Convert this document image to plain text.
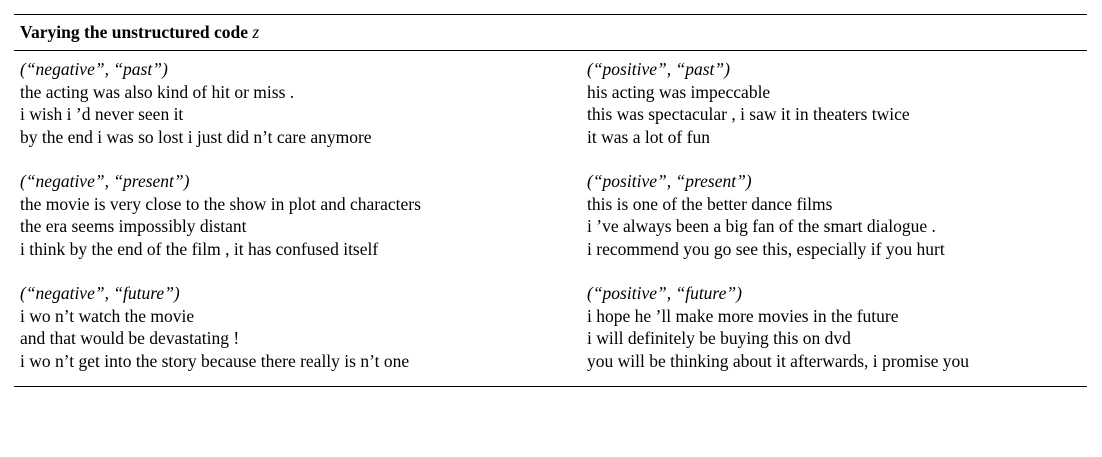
Varying the unstructured code z
(“negative”, “past”)
the acting was also kind of hit or miss .
i wish i ’d never seen it
by the end i was so lost i just did n’t care anymore
(“negative”, “present”)
the movie is very close to the show in plot and characters
the era seems impossibly distant
i think by the end of the film , it has confused itself
(“negative”, “future”)
i wo n’t watch the movie
and that would be devastating !
i wo n’t get into the story because there really is n’t one
(“positive”, “past”)
his acting was impeccable
this was spectacular , i saw it in theaters twice
it was a lot of fun
(“positive”, “present”)
this is one of the better dance films
i ’ve always been a big fan of the smart dialogue .
i recommend you go see this, especially if you hurt
(“positive”, “future”)
i hope he ’ll make more movies in the future
i will definitely be buying this on dvd
you will be thinking about it afterwards, i promise you
